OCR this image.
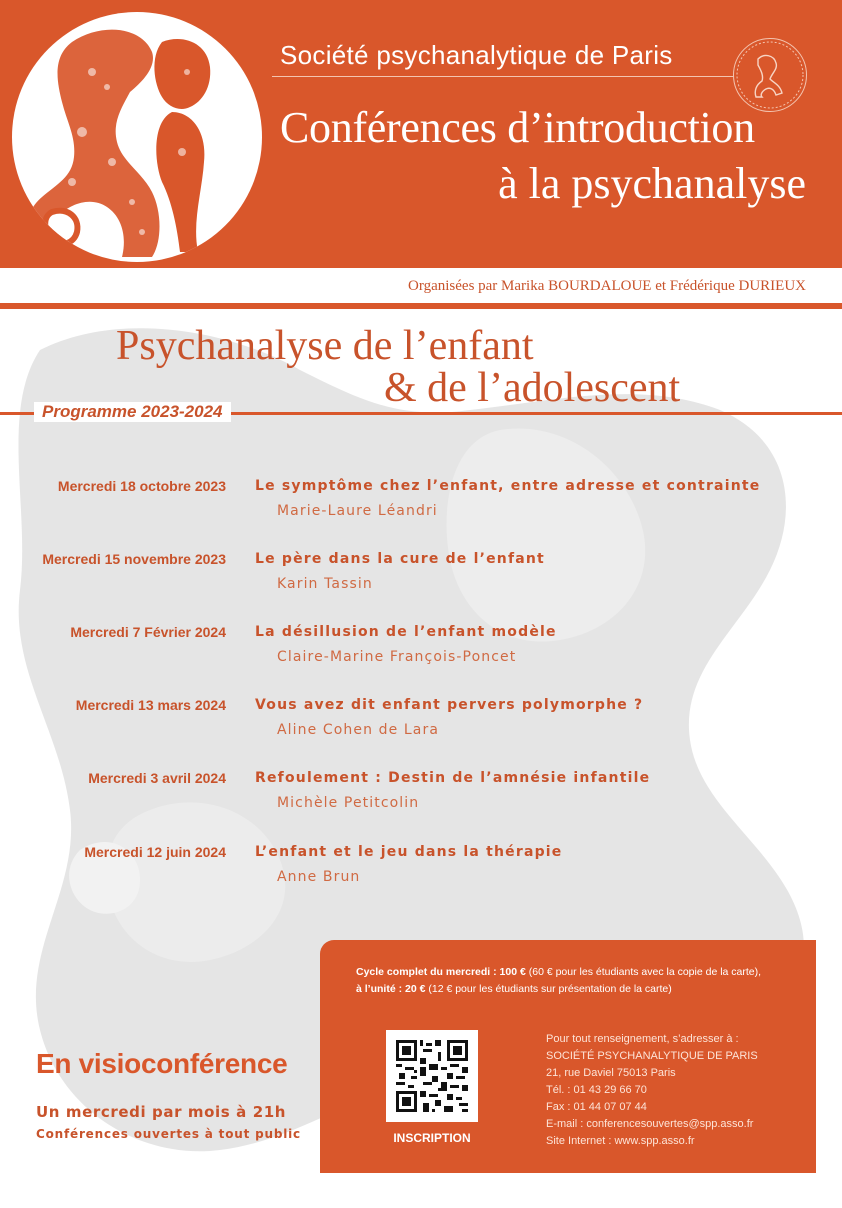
Société psychanalytique de Paris
Conférences d’introduction
à la psychanalyse
Organisées par Marika BOURDALOUE et Frédérique DURIEUX
Psychanalyse de l’enfant
& de l’adolescent
Programme 2023-2024
Mercredi 18 octobre 2023 Le symptôme chez l’enfant, entre adresse et contrainte
Marie-Laure Léandri
Mercredi 15 novembre 2023 Le père dans la cure de l’enfant
Karin Tassin
Mercredi 7 Février 2024 La désillusion de l’enfant modèle
Claire-Marine François-Poncet
Mercredi 13 mars 2024 Vous avez dit enfant pervers polymorphe ?
Aline Cohen de Lara
Mercredi 3 avril 2024 Refoulement : Destin de l’amnésie infantile
Michèle Petitcolin
Mercredi 12 juin 2024 L’enfant et le jeu dans la thérapie
Anne Brun
Cycle complet du mercredi : 100 € (60 € pour les étudiants avec la copie de la carte),
à l’unité : 20 € (12 € pour les étudiants sur présentation de la carte)
INSCRIPTION
Pour tout renseignement, s’adresser à :
SOCIÉTÉ PSYCHANALYTIQUE DE PARIS
21, rue Daviel 75013 Paris
Tél. : 01 43 29 66 70
Fax : 01 44 07 07 44
E-mail : conferencesouvertes@spp.asso.fr
Site Internet : www.spp.asso.fr
En visioconférence
Un mercredi par mois à 21h
Conférences ouvertes à tout public
